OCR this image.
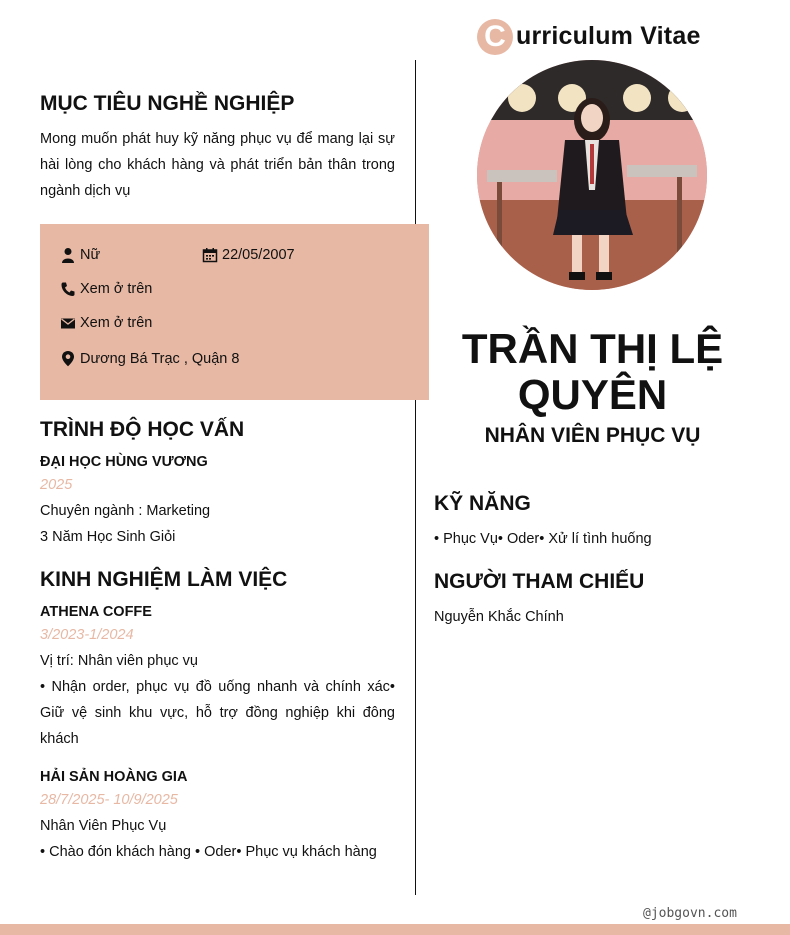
C urriculum Vitae
MỤC TIÊU NGHỀ NGHIỆP
Mong muốn phát huy kỹ năng phục vụ để mang lại sự hài lòng cho khách hàng và phát triển bản thân trong ngành dịch vụ
Nữ	22/05/2007
Xem ở trên
Xem ở trên
Dương Bá Trạc , Quận 8
TRÌNH ĐỘ HỌC VẤN
ĐẠI HỌC HÙNG VƯƠNG
2025
Chuyên ngành : Marketing
3 Năm Học Sinh Giỏi
KINH NGHIỆM LÀM VIỆC
ATHENA COFFE
3/2023-1/2024
Vị trí: Nhân viên phục vụ
• Nhận order, phục vụ đồ uống nhanh và chính xác• Giữ vệ sinh khu vực, hỗ trợ đồng nghiệp khi đông khách
HẢI SẢN HOÀNG GIA
28/7/2025- 10/9/2025
Nhân Viên Phục Vụ
• Chào đón khách hàng • Oder• Phục vụ khách hàng
TRẦN THỊ LỆ QUYÊN
NHÂN VIÊN PHỤC VỤ
KỸ NĂNG
• Phục Vụ• Oder• Xử lí tình huống
NGƯỜI THAM CHIẾU
Nguyễn Khắc Chính
@jobgovn.com
